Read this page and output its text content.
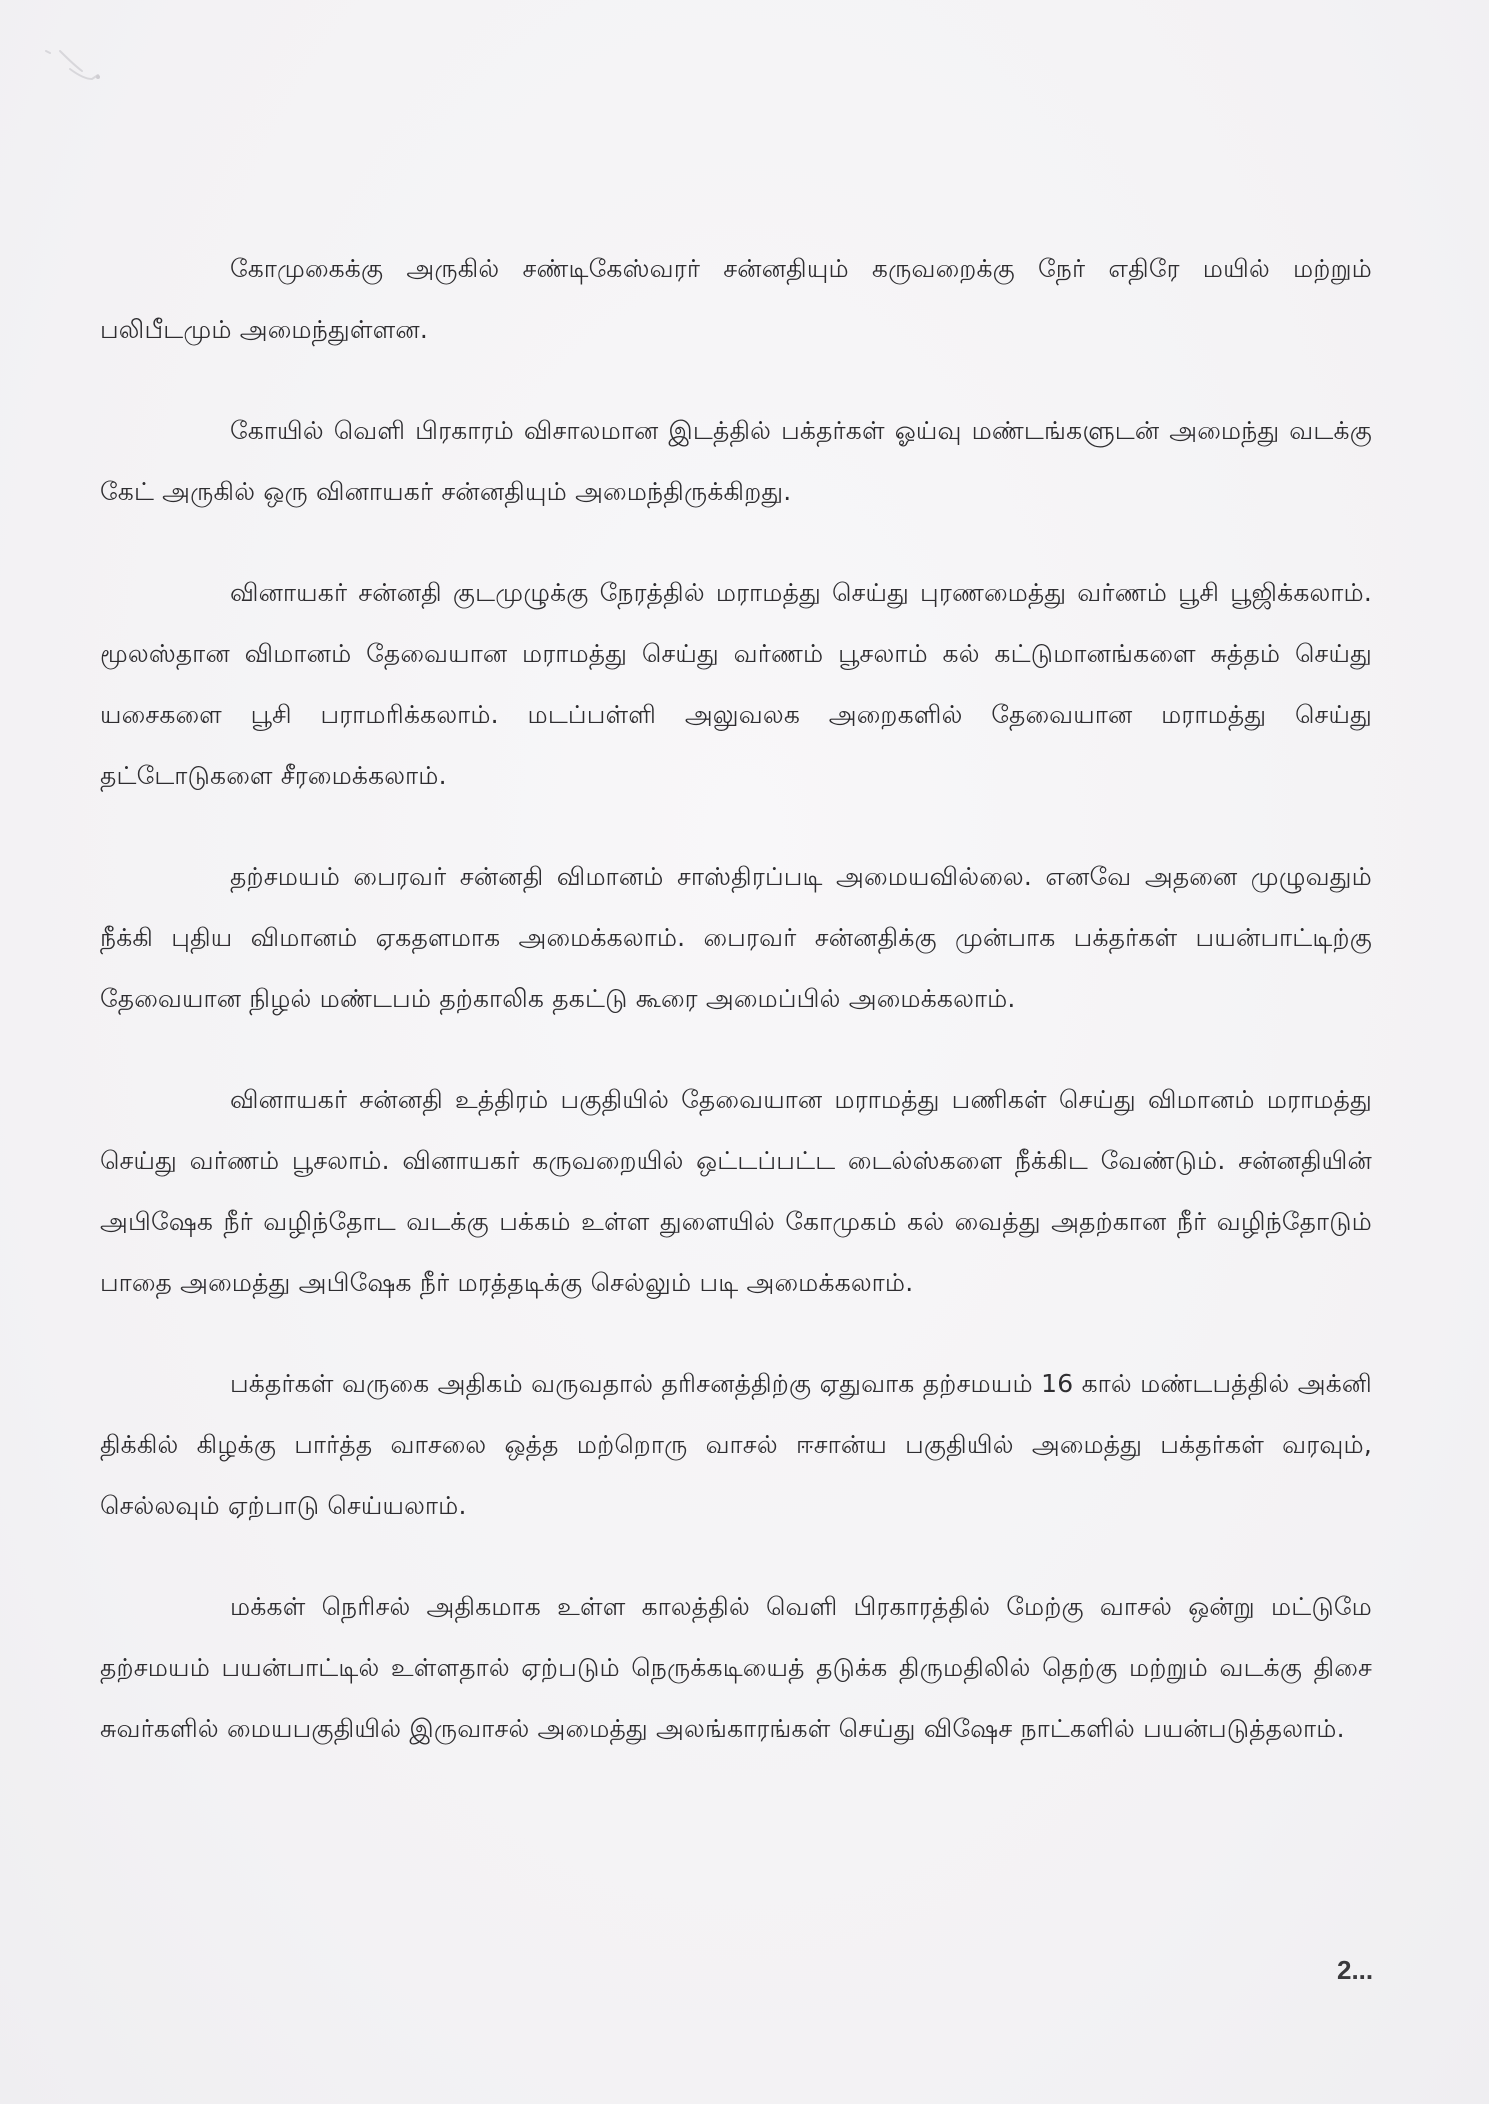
கோமுகைக்கு அருகில் சண்டிகேஸ்வரர் சன்னதியும் கருவறைக்கு நேர் எதிரே மயில் மற்றும் பலிபீடமும் அமைந்துள்ளன.

கோயில் வெளி பிரகாரம் விசாலமான இடத்தில் பக்தர்கள் ஓய்வு மண்டங்களுடன் அமைந்து வடக்கு கேட் அருகில் ஒரு வினாயகர் சன்னதியும் அமைந்திருக்கிறது.

வினாயகர் சன்னதி குடமுழுக்கு நேரத்தில் மராமத்து செய்து புரணமைத்து வர்ணம் பூசி பூஜிக்கலாம். மூலஸ்தான விமானம் தேவையான மராமத்து செய்து வர்ணம் பூசலாம் கல் கட்டுமானங்களை சுத்தம் செய்து யசைகளை பூசி பராமரிக்கலாம். மடப்பள்ளி அலுவலக அறைகளில் தேவையான மராமத்து செய்து தட்டோடுகளை சீரமைக்கலாம்.

தற்சமயம் பைரவர் சன்னதி விமானம் சாஸ்திரப்படி அமையவில்லை. எனவே அதனை முழுவதும் நீக்கி புதிய விமானம் ஏகதளமாக அமைக்கலாம். பைரவர் சன்னதிக்கு முன்பாக பக்தர்கள் பயன்பாட்டிற்கு தேவையான நிழல் மண்டபம் தற்காலிக தகட்டு கூரை அமைப்பில் அமைக்கலாம்.

வினாயகர் சன்னதி உத்திரம் பகுதியில் தேவையான மராமத்து பணிகள் செய்து விமானம் மராமத்து செய்து வர்ணம் பூசலாம். வினாயகர் கருவறையில் ஒட்டப்பட்ட டைல்ஸ்களை நீக்கிட வேண்டும். சன்னதியின் அபிஷேக நீர் வழிந்தோட வடக்கு பக்கம் உள்ள துளையில் கோமுகம் கல் வைத்து அதற்கான நீர் வழிந்தோடும் பாதை அமைத்து அபிஷேக நீர் மரத்தடிக்கு செல்லும் படி அமைக்கலாம்.

பக்தர்கள் வருகை அதிகம் வருவதால் தரிசனத்திற்கு ஏதுவாக தற்சமயம் 16 கால் மண்டபத்தில் அக்னி திக்கில் கிழக்கு பார்த்த வாசலை ஒத்த மற்றொரு வாசல் ஈசான்ய பகுதியில் அமைத்து பக்தர்கள் வரவும், செல்லவும் ஏற்பாடு செய்யலாம்.

மக்கள் நெரிசல் அதிகமாக உள்ள காலத்தில் வெளி பிரகாரத்தில் மேற்கு வாசல் ஒன்று மட்டுமே தற்சமயம் பயன்பாட்டில் உள்ளதால் ஏற்படும் நெருக்கடியைத் தடுக்க திருமதிலில் தெற்கு மற்றும் வடக்கு திசை சுவர்களில் மையபகுதியில் இருவாசல் அமைத்து அலங்காரங்கள் செய்து விஷேச நாட்களில் பயன்படுத்தலாம்.

2...
